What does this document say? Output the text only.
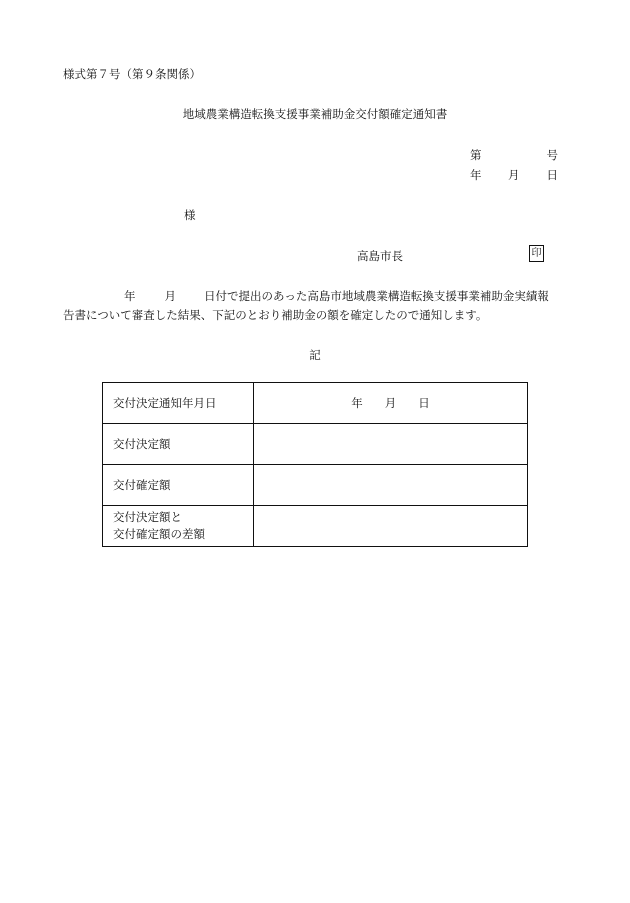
様式第７号（第９条関係）
地域農業構造転換支援事業補助金交付額確定通知書
第	号
年 月 日
様
高島市長	印
年	月 日付で提出のあった高島市地域農業構造転換支援事業補助金実績報
告書について審査した結果、下記のとおり補助金の額を確定したので通知します。
記
交付決定通知年月日	年 月 日
交付決定額	
交付確定額	

交付決定額と
交付確定額の差額	
